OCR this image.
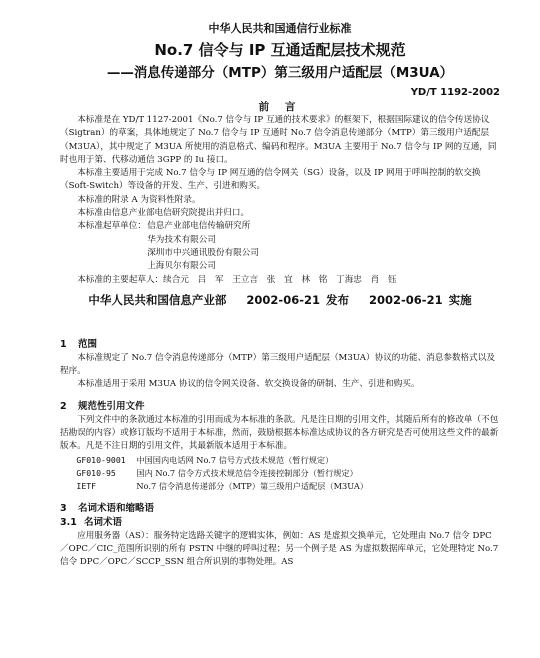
中华人民共和国通信行业标准
No.7 信令与 IP 互通适配层技术规范
——消息传递部分（MTP）第三级用户适配层（M3UA）
YD/T 1192-2002
前 言

本标准是在 YD/T 1127-2001《No.7 信令与 IP 互通的技术要求》的框架下，根据国际建议的信令传送协议（Sigtran）的草案，具体地规定了 No.7 信令与 IP 互通时 No.7 信令消息传递部分（MTP）第三级用户适配层（M3UA），其中规定了 M3UA 所使用的消息格式、编码和程序。M3UA 主要用于 No.7 信令与 IP 网的互通，同时也用于第、代移动通信 3GPP 的 Iu 接口。

本标准主要适用于完成 No.7 信令与 IP 网互通的信令网关（SG）设备，以及 IP 网用于呼叫控制的软交换（Soft-Switch）等设备的开发、生产、引进和购买。

本标准的附录 A 为资料性附录。

本标准由信息产业部电信研究院提出并归口。

本标准起草单位：信息产业部电信传输研究所
华为技术有限公司
深圳市中兴通讯股份有限公司
上海贝尔有限公司

本标准的主要起草人：续合元 吕 军 王立言 张 宜 林 铭 丁海忠 肖 钰

中华人民共和国信息产业部 2002-06-21 发布 2002-06-21 实施
1 范围

本标准规定了 No.7 信令消息传递部分（MTP）第三级用户适配层（M3UA）协议的功能、消息参数格式以及程序。

本标准适用于采用 M3UA 协议的信令网关设备、软交换设备的研制、生产、引进和购买。

2 规范性引用文件

下列文件中的条款通过本标准的引用而成为本标准的条款。凡是注日期的引用文件，其随后所有的修改单（不包括勘误的内容）或修订版均不适用于本标准，然而，鼓励根据本标准达成协议的各方研究是否可使用这些文件的最新版本。凡是不注日期的引用文件，其最新版本适用于本标准。

GF010-9001	中国国内电话网 No.7 信号方式技术规范（暂行规定）
GF010-95	国内 No.7 信令方式技术规范信令连接控制部分（暂行规定）
IETF	No.7 信令消息传递部分（MTP）第三级用户适配层（M3UA）
3 名词术语和缩略语
3.1 名词术语

应用服务器（AS）：服务特定选路关键字的逻辑实体，例如：AS 是虚拟交换单元，它处理由 No.7 信令 DPC／OPC／CIC_范围所识别的所有 PSTN 中继的呼叫过程；另一个例子是 AS 为虚拟数据库单元，它处理特定 No.7 信令 DPC／OPC／SCCP_SSN 组合所识别的事物处理。AS
